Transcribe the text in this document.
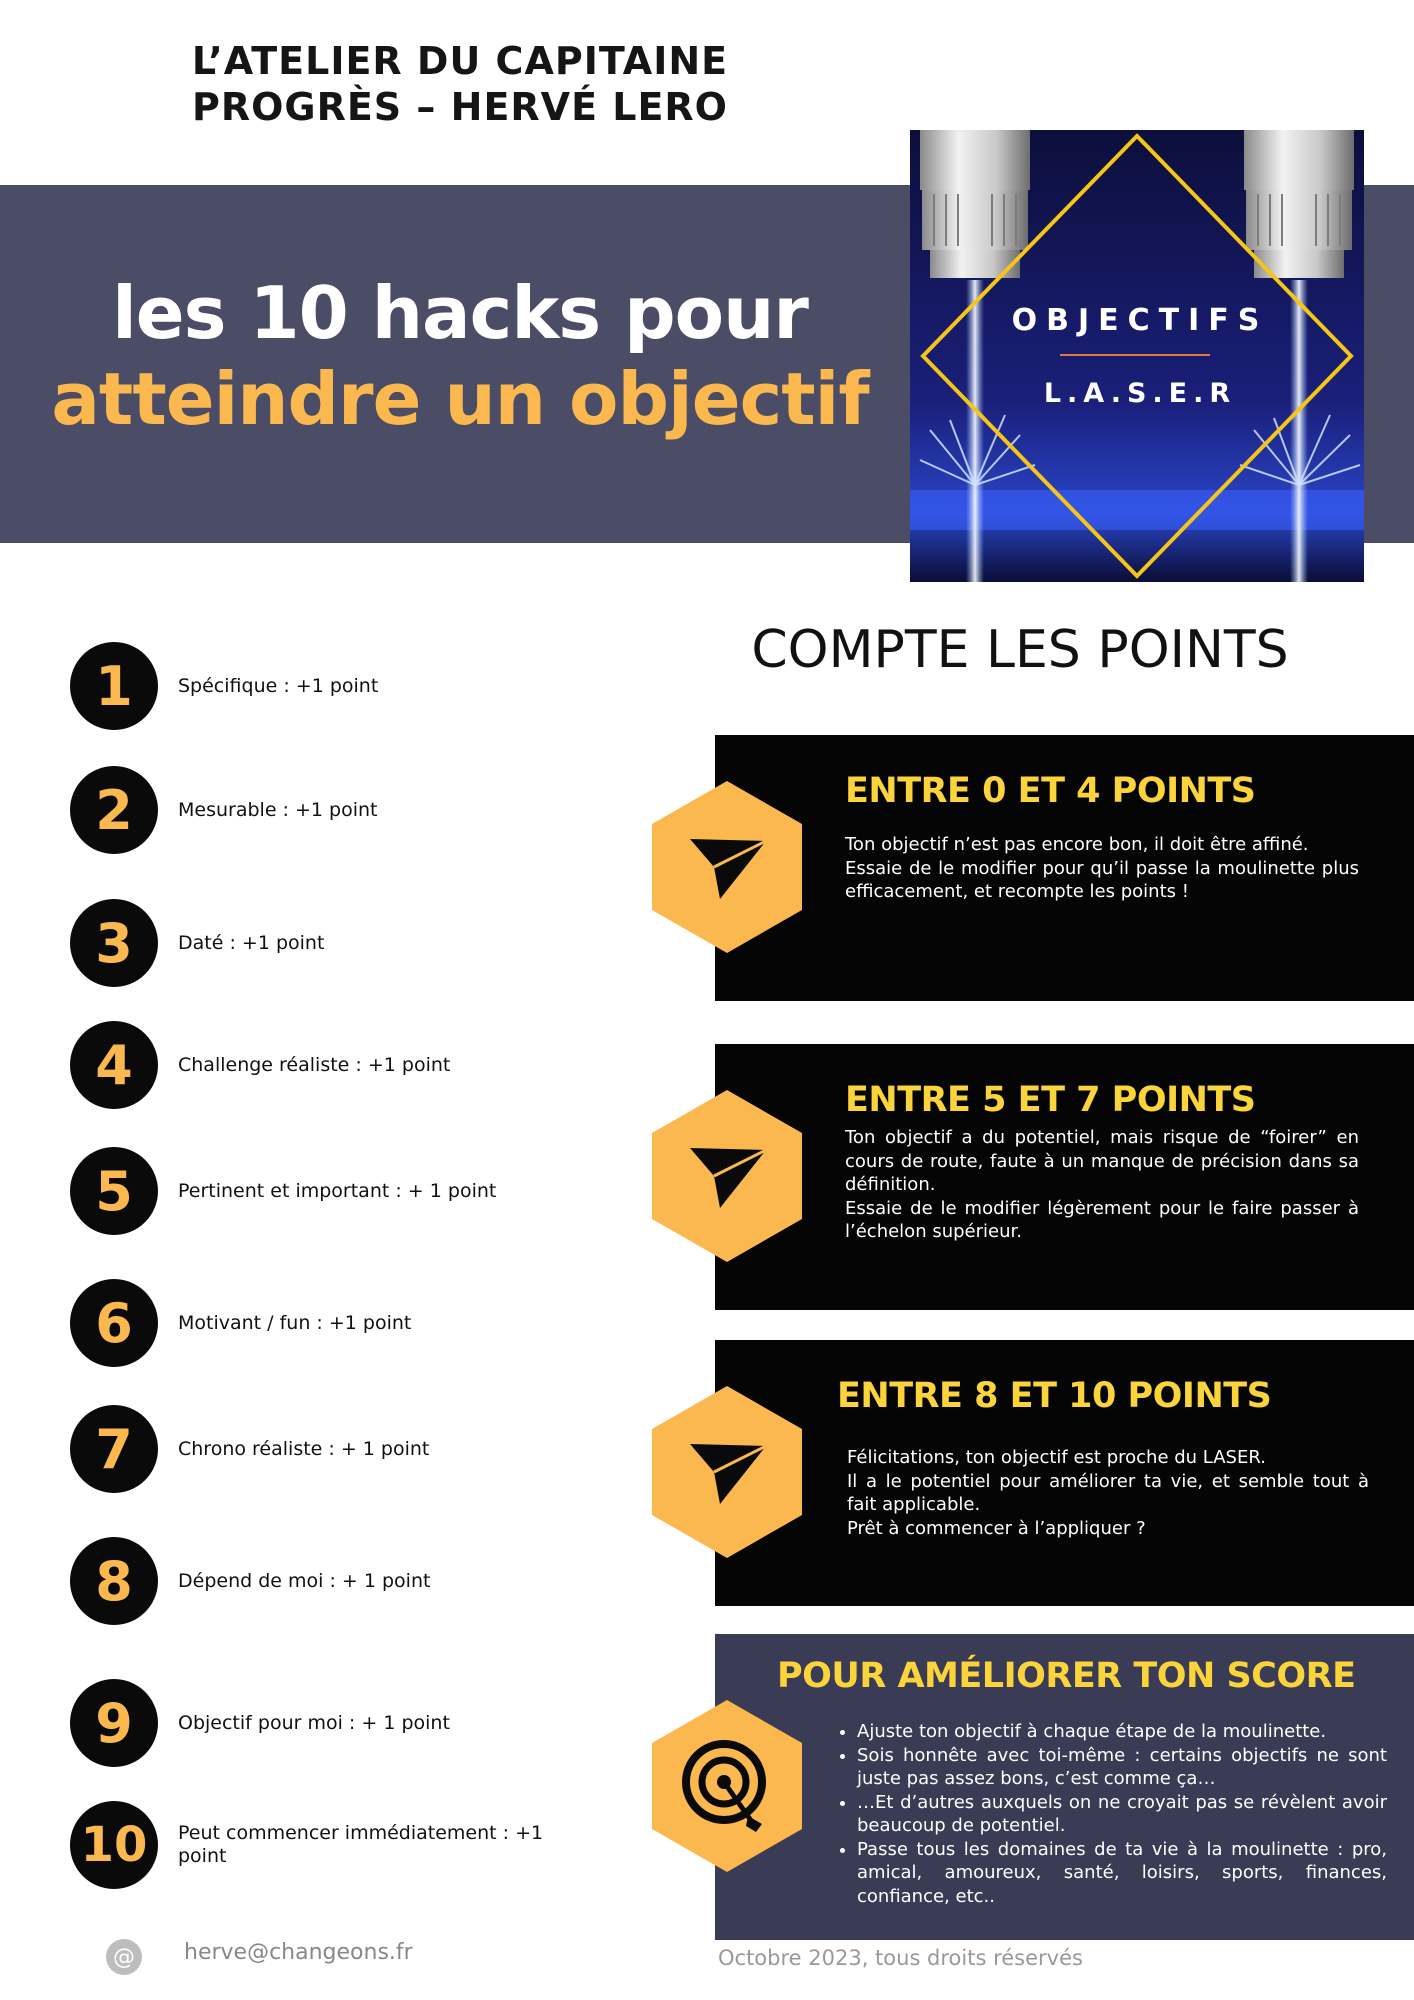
L’ATELIER DU CAPITAINE
PROGRÈS – HERVÉ LERO
les 10 hacks pour
atteindre un objectif
OBJECTIFS
L.A.S.E.R
COMPTE LES POINTS
1	Spécifique : +1 point
2	Mesurable : +1 point
3	Daté : +1 point
4	Challenge réaliste : +1 point
5	Pertinent et important : + 1 point
6	Motivant / fun : +1 point
7	Chrono réaliste : + 1 point
8	Dépend de moi : + 1 point
9	Objectif pour moi : + 1 point
10	Peut commencer immédiatement : +1 point
ENTRE 0 ET 4 POINTS
Ton objectif n’est pas encore bon, il doit être affiné.
Essaie de le modifier pour qu’il passe la moulinette plus efficacement, et recompte les points !
ENTRE 5 ET 7 POINTS
Ton objectif a du potentiel, mais risque de “foirer” en cours de route, faute à un manque de précision dans sa définition.
Essaie de le modifier légèrement pour le faire passer à l’échelon supérieur.
ENTRE 8 ET 10 POINTS
Félicitations, ton objectif est proche du LASER.
Il a le potentiel pour améliorer ta vie, et semble tout à fait applicable.
Prêt à commencer à l’appliquer ?
POUR AMÉLIORER TON SCORE
• Ajuste ton objectif à chaque étape de la moulinette.
• Sois honnête avec toi-même : certains objectifs ne sont juste pas assez bons, c’est comme ça…
• …Et d’autres auxquels on ne croyait pas se révèlent avoir beaucoup de potentiel.
• Passe tous les domaines de ta vie à la moulinette : pro, amical, amoureux, santé, loisirs, sports, finances, confiance, etc..
@	herve@changeons.fr	Octobre 2023, tous droits réservés
